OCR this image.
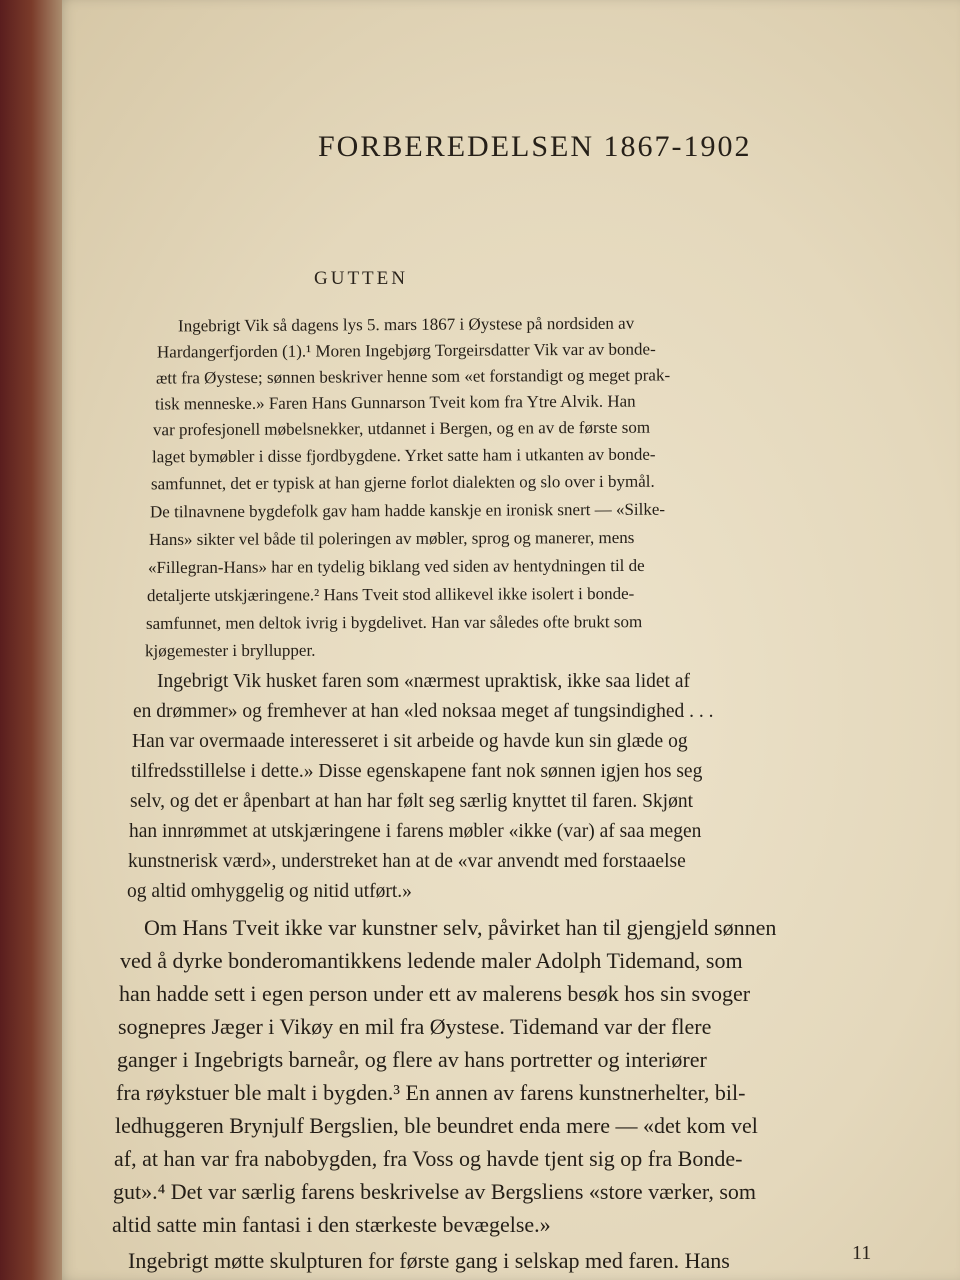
FORBEREDELSEN 1867-1902
GUTTEN

Ingebrigt Vik så dagens lys 5. mars 1867 i Øystese på nordsiden av

Hardangerfjorden (1).¹ Moren Ingebjørg Torgeirsdatter Vik var av bonde-

ætt fra Øystese; sønnen beskriver henne som «et forstandigt og meget prak-

tisk menneske.» Faren Hans Gunnarson Tveit kom fra Ytre Alvik. Han

var profesjonell møbelsnekker, utdannet i Bergen, og en av de første som

laget bymøbler i disse fjordbygdene. Yrket satte ham i utkanten av bonde-

samfunnet, det er typisk at han gjerne forlot dialekten og slo over i bymål.

De tilnavnene bygdefolk gav ham hadde kanskje en ironisk snert — «Silke-

Hans» sikter vel både til poleringen av møbler, sprog og manerer, mens

«Fillegran-Hans» har en tydelig biklang ved siden av hentydningen til de

detaljerte utskjæringene.² Hans Tveit stod allikevel ikke isolert i bonde-

samfunnet, men deltok ivrig i bygdelivet. Han var således ofte brukt som

kjøgemester i bryllupper.

Ingebrigt Vik husket faren som «nærmest upraktisk, ikke saa lidet af

en drømmer» og fremhever at han «led noksaa meget af tungsindighed . . .

Han var overmaade interesseret i sit arbeide og havde kun sin glæde og

tilfredsstillelse i dette.» Disse egenskapene fant nok sønnen igjen hos seg

selv, og det er åpenbart at han har følt seg særlig knyttet til faren. Skjønt

han innrømmet at utskjæringene i farens møbler «ikke (var) af saa megen

kunstnerisk værd», understreket han at de «var anvendt med forstaaelse

og altid omhyggelig og nitid utført.»

Om Hans Tveit ikke var kunstner selv, påvirket han til gjengjeld sønnen

ved å dyrke bonderomantikkens ledende maler Adolph Tidemand, som

han hadde sett i egen person under ett av malerens besøk hos sin svoger

sognepres Jæger i Vikøy en mil fra Øystese. Tidemand var der flere

ganger i Ingebrigts barneår, og flere av hans portretter og interiører

fra røykstuer ble malt i bygden.³ En annen av farens kunstnerhelter, bil-

ledhuggeren Brynjulf Bergslien, ble beundret enda mere — «det kom vel

af, at han var fra nabobygden, fra Voss og havde tjent sig op fra Bonde-

gut».⁴ Det var særlig farens beskrivelse av Bergsliens «store værker, som

altid satte min fantasi i den stærkeste bevægelse.»

Ingebrigt møtte skulpturen for første gang i selskap med faren. Hans	11
